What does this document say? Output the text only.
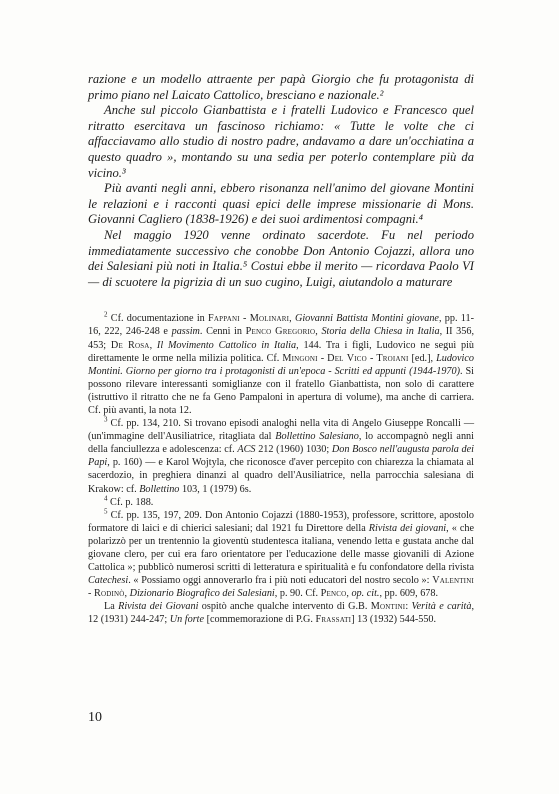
razione e un modello attraente per papà Giorgio che fu protagonista di primo piano nel Laicato Cattolico, bresciano e nazionale.²

Anche sul piccolo Gianbattista e i fratelli Ludovico e Francesco quel ritratto esercitava un fascinoso richiamo: « Tutte le volte che ci affacciavamo allo studio di nostro padre, andavamo a dare un'occhiatina a questo quadro », montando su una sedia per poterlo contemplare più da vicino.³

Più avanti negli anni, ebbero risonanza nell'animo del giovane Montini le relazioni e i racconti quasi epici delle imprese missionarie di Mons. Giovanni Cagliero (1838-1926) e dei suoi ardimentosi compagni.⁴

Nel maggio 1920 venne ordinato sacerdote. Fu nel periodo immediatamente successivo che conobbe Don Antonio Cojazzi, allora uno dei Salesiani più noti in Italia.⁵ Costui ebbe il merito — ricordava Paolo VI — di scuotere la pigrizia di un suo cugino, Luigi, aiutandolo a maturare

$^2$ Cf. documentazione in Fappani - Molinari, Giovanni Battista Montini giovane, pp. 11-16, 222, 246-248 e passim. Cenni in Penco Gregorio, Storia della Chiesa in Italia, II 356, 453; De Rosa, Il Movimento Cattolico in Italia, 144. Tra i figli, Ludovico ne seguì più direttamente le orme nella milizia politica. Cf. Mingoni - Del Vico - Troiani [ed.], Ludovico Montini. Giorno per giorno tra i protagonisti di un'epoca - Scritti ed appunti (1944-1970). Si possono rilevare interessanti somiglianze con il fratello Gianbattista, non solo di carattere (istruttivo il ritratto che ne fa Geno Pampaloni in apertura di volume), ma anche di carriera. Cf. più avanti, la nota 12.

$^3$ Cf. pp. 134, 210. Si trovano episodi analoghi nella vita di Angelo Giuseppe Roncalli — (un'immagine dell'Ausiliatrice, ritagliata dal Bollettino Salesiano, lo accompagnò negli anni della fanciullezza e adolescenza: cf. ACS 212 (1960) 1030; Don Bosco nell'augusta parola dei Papi, p. 160) — e Karol Wojtyla, che riconosce d'aver percepito con chiarezza la chiamata al sacerdozio, in preghiera dinanzi al quadro dell'Ausiliatrice, nella parrocchia salesiana di Krakow: cf. Bollettino 103, 1 (1979) 6s.

$^4$ Cf. p. 188.

$^5$ Cf. pp. 135, 197, 209. Don Antonio Cojazzi (1880-1953), professore, scrittore, apostolo formatore di laici e di chierici salesiani; dal 1921 fu Direttore della Rivista dei giovani, « che polarizzò per un trentennio la gioventù studentesca italiana, venendo letta e gustata anche dal giovane clero, per cui era faro orientatore per l'educazione delle masse giovanili di Azione Cattolica »; pubblicò numerosi scritti di letteratura e spiritualità e fu confondatore della rivista Catechesi. « Possiamo oggi annoverarlo fra i più noti educatori del nostro secolo »: Valentini - Rodinò, Dizionario Biografico dei Salesiani, p. 90. Cf. Penco, op. cit., pp. 609, 678.

La Rivista dei Giovani ospitò anche qualche intervento di G.B. Montini: Verità e carità, 12 (1931) 244-247; Un forte [commemorazione di P.G. Frassati] 13 (1932) 544-550.

10
